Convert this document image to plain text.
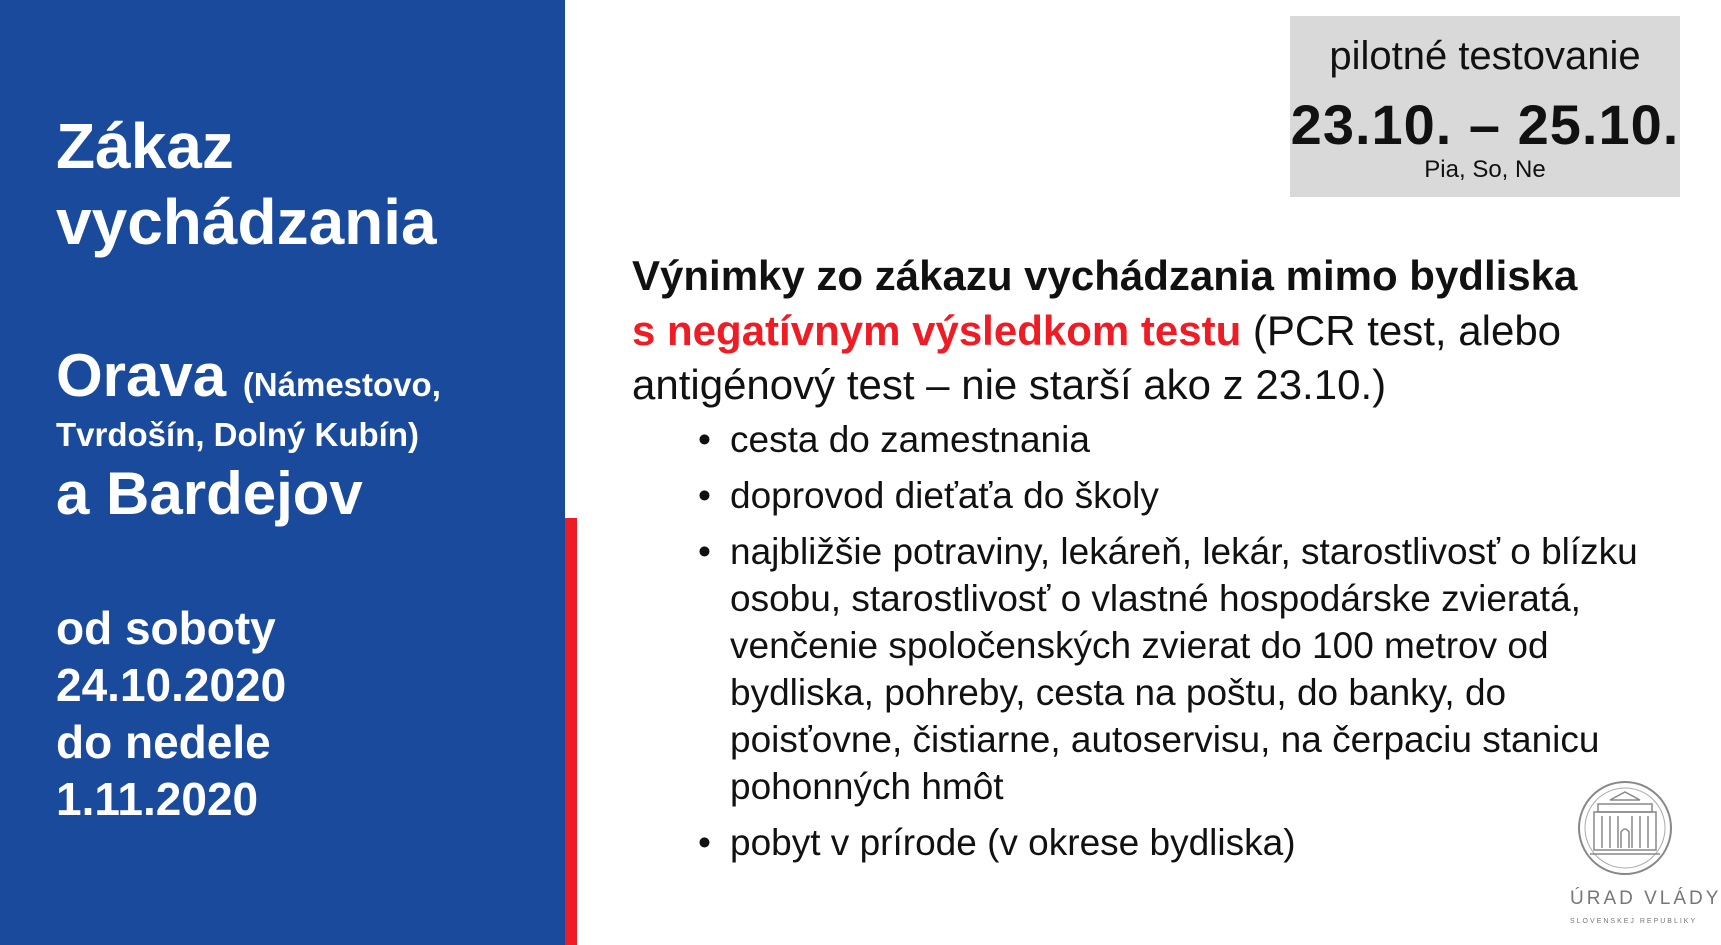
Zákaz
vychádzania
Orava (Námestovo,
Tvrdošín, Dolný Kubín)
a Bardejov
od soboty
24.10.2020
do nedele
1.11.2020
pilotné testovanie
23.10. – 25.10.
Pia, So, Ne
Výnimky zo zákazu vychádzania mimo bydliska
s negatívnym výsledkom testu (PCR test, alebo
antigénový test – nie starší ako z 23.10.)
• cesta do zamestnania
• doprovod dieťaťa do školy
• najbližšie potraviny, lekáreň, lekár, starostlivosť o blízku osobu, starostlivosť o vlastné hospodárske zvieratá, venčenie spoločenských zvierat do 100 metrov od bydliska, pohreby, cesta na poštu, do banky, do poisťovne, čistiarne, autoservisu, na čerpaciu stanicu pohonných hmôt
• pobyt v prírode (v okrese bydliska)
ÚRAD VLÁDY
SLOVENSKEJ REPUBLIKY
